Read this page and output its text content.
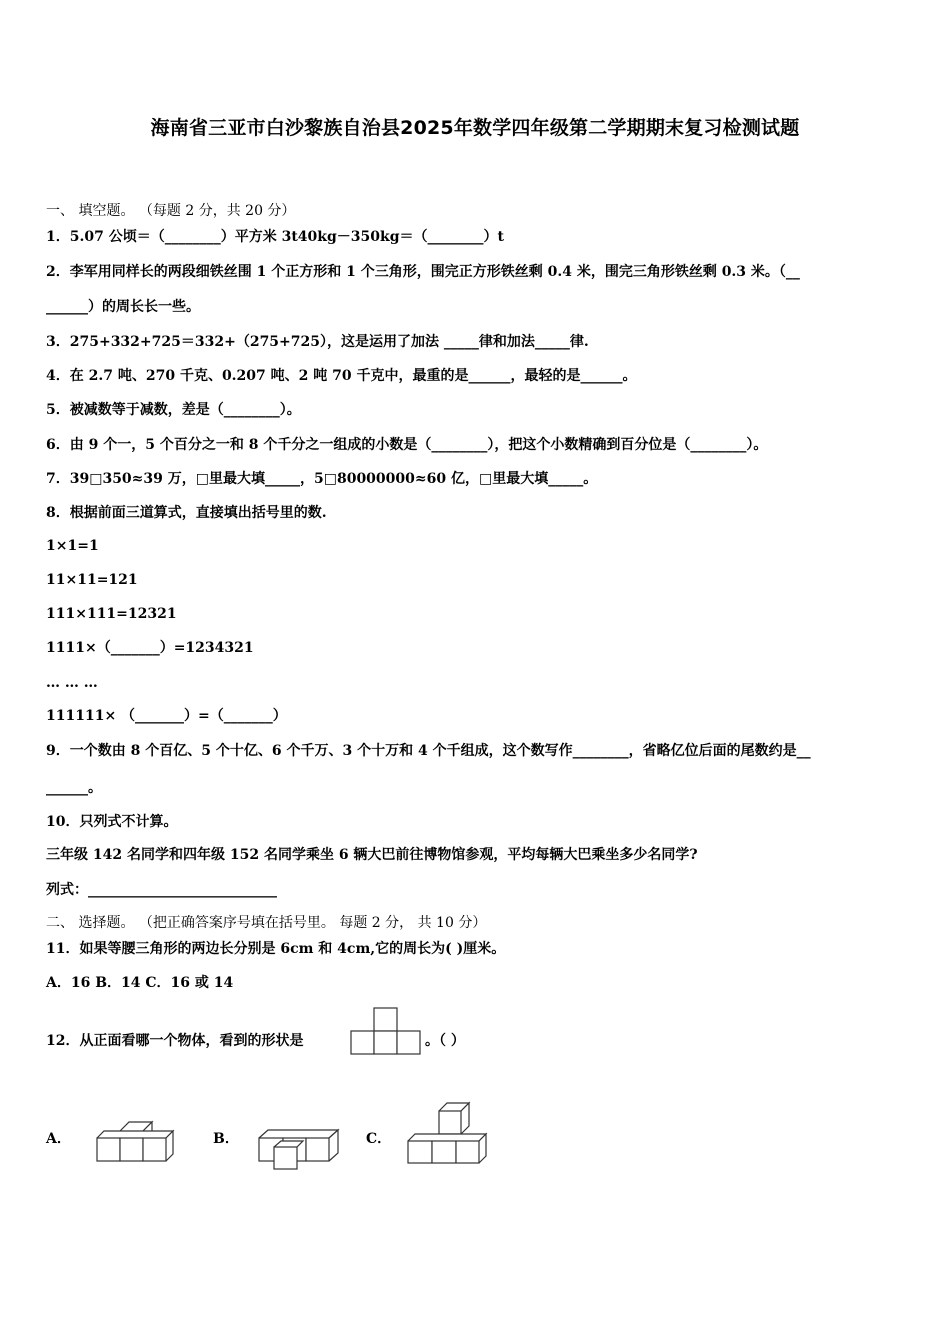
海南省三亚市白沙黎族自治县2025年数学四年级第二学期期末复习检测试题
一、 填空题。 （每题 2 分，共 20 分）
1．5.07 公顷＝（________）平方米 3t40kg－350kg＝（________）t
2．李军用同样长的两段细铁丝围 1 个正方形和 1 个三角形，围完正方形铁丝剩 0.4 米，围完三角形铁丝剩 0.3 米。（__
______）的周长长一些。
3．275+332+725＝332+（275+725），这是运用了加法 _____律和加法_____律.
4．在 2.7 吨、270 千克、0.207 吨、2 吨 70 千克中，最重的是______，最轻的是______。
5．被减数等于减数，差是（________）。
6．由 9 个一，5 个百分之一和 8 个千分之一组成的小数是（________），把这个小数精确到百分位是（________）。
7．39□350≈39 万，□里最大填_____，5□80000000≈60 亿，□里最大填_____。
8．根据前面三道算式，直接填出括号里的数.
1×1=1
11×11=121
111×111=12321
1111×（_______）=1234321
… … …
111111× （_______）=（_______）
9．一个数由 8 个百亿、5 个十亿、6 个千万、3 个十万和 4 个千组成，这个数写作________，省略亿位后面的尾数约是__
______。
10．只列式不计算。
三年级 142 名同学和四年级 152 名同学乘坐 6 辆大巴前往博物馆参观，平均每辆大巴乘坐多少名同学?
列式：___________________________
二、 选择题。 （把正确答案序号填在括号里。 每题 2 分， 共 10 分）
11．如果等腰三角形的两边长分别是 6cm 和 4cm,它的周长为( )厘米。
A．16 B．14 C．16 或 14
12．从正面看哪一个物体，看到的形状是	。（ ）
A．	B．	C．
